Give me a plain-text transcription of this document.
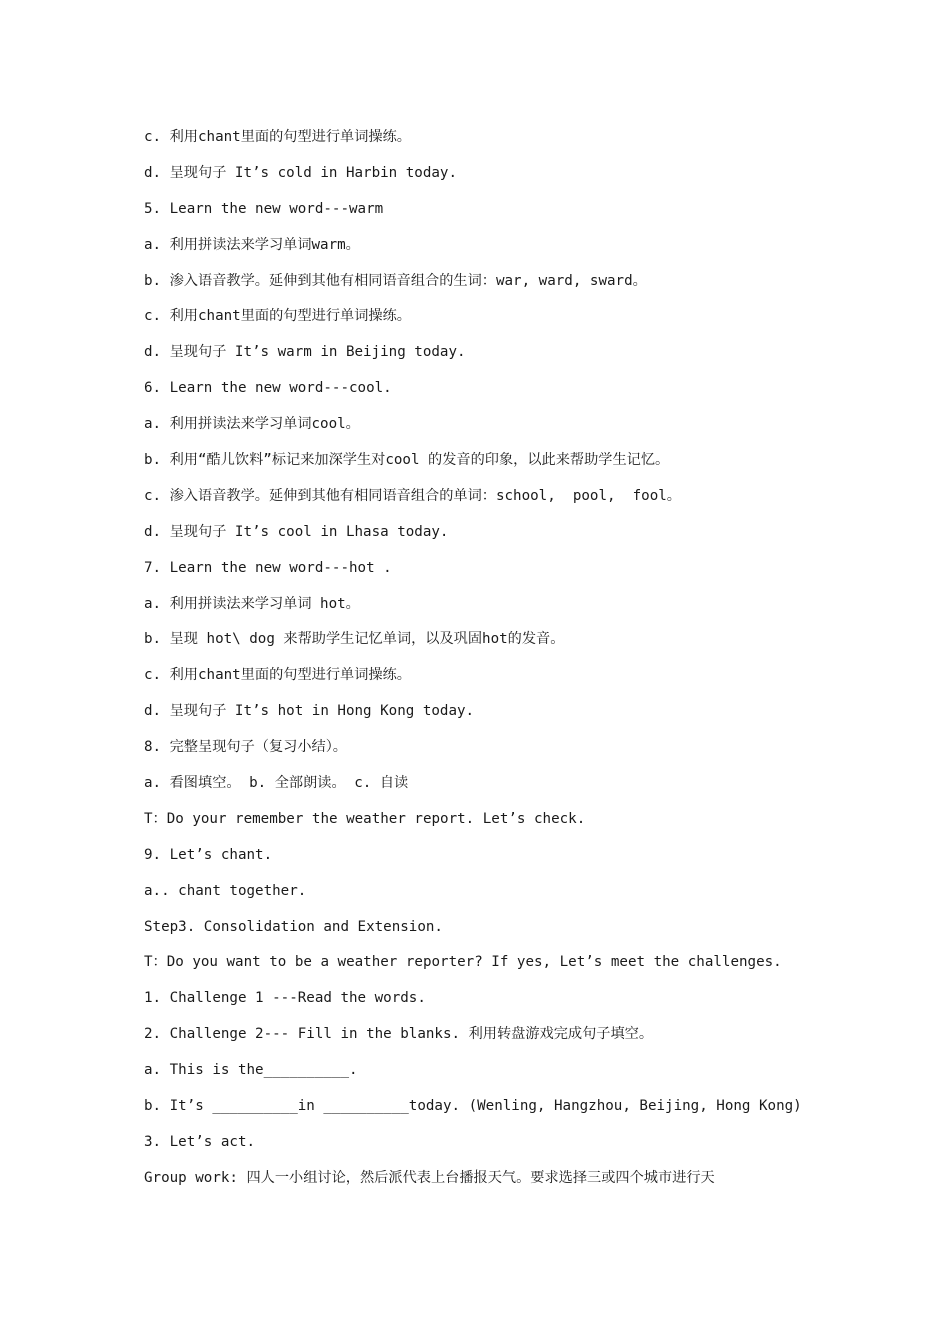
c. 利用chant里面的句型进行单词操练。
d. 呈现句子 It’s cold in Harbin today.
5. Learn the new word---warm
a. 利用拼读法来学习单词warm。
b. 渗入语音教学。延伸到其他有相同语音组合的生词：war, ward, sward。
c. 利用chant里面的句型进行单词操练。
d. 呈现句子 It’s warm in Beijing today.
6. Learn the new word---cool.
a. 利用拼读法来学习单词cool。
b. 利用“酷儿饮料”标记来加深学生对cool 的发音的印象，以此来帮助学生记忆。
c. 渗入语音教学。延伸到其他有相同语音组合的单词：school,  pool,  fool。
d. 呈现句子 It’s cool in Lhasa today.
7. Learn the new word---hot .
a. 利用拼读法来学习单词 hot。
b. 呈现 hot\ dog 来帮助学生记忆单词，以及巩固hot的发音。
c. 利用chant里面的句型进行单词操练。
d. 呈现句子 It’s hot in Hong Kong today.
8. 完整呈现句子（复习小结）。
a. 看图填空。 b. 全部朗读。 c. 自读
T：Do your remember the weather report. Let’s check.
9. Let’s chant.
a.. chant together.
Step3. Consolidation and Extension.
T：Do you want to be a weather reporter? If yes, Let’s meet the challenges.
1. Challenge 1 ---Read the words.
2. Challenge 2--- Fill in the blanks. 利用转盘游戏完成句子填空。
a. This is the__________.
b. It’s __________in __________today. (Wenling, Hangzhou, Beijing, Hong Kong)
3. Let’s act.
Group work: 四人一小组讨论，然后派代表上台播报天气。要求选择三或四个城市进行天
